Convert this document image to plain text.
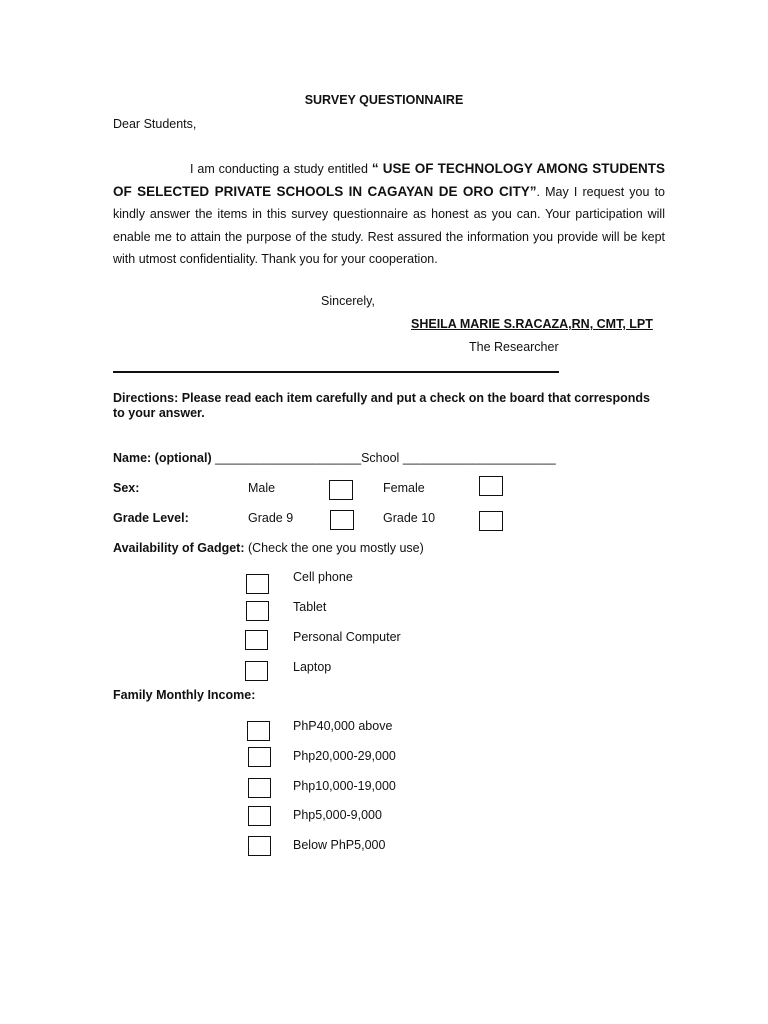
SURVEY QUESTIONNAIRE
Dear Students,
I am conducting a study entitled “ USE OF TECHNOLOGY AMONG STUDENTS OF SELECTED PRIVATE SCHOOLS IN CAGAYAN DE ORO CITY”. May I request you to kindly answer the items in this survey questionnaire as honest as you can. Your participation will enable me to attain the purpose of the study. Rest assured the information you provide will be kept with utmost confidentiality. Thank you for your cooperation.
Sincerely,
SHEILA MARIE S.RACAZA,RN, CMT, LPT
The Researcher
Directions: Please read each item carefully and put a check on the board that corresponds to your answer.
Name: (optional) _____________________School ______________________
Sex:	Male	Female
Grade Level:	Grade 9	Grade 10
Availability of Gadget: (Check the one you mostly use)
Cell phone
Tablet
Personal Computer
Laptop
Family Monthly Income:
PhP40,000 above
Php20,000-29,000
Php10,000-19,000
Php5,000-9,000
Below PhP5,000
